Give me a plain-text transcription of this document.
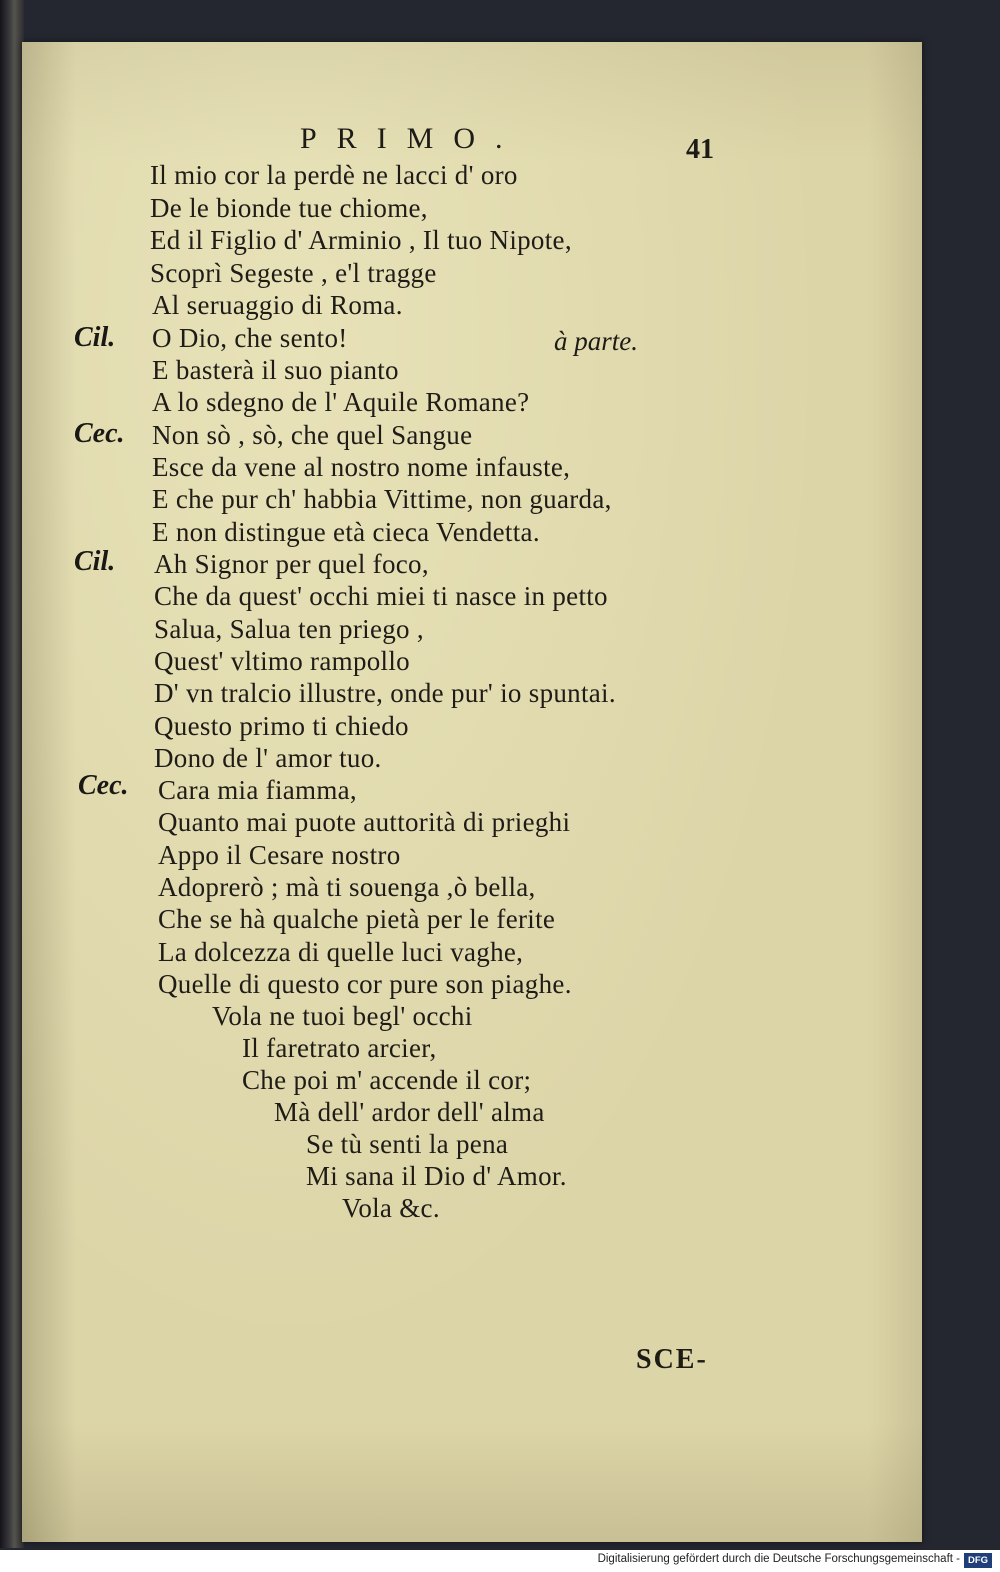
PRIMO.	41
Cil.
Cec.
Cil.
Cec.
à parte.
Il mio cor la perdè ne lacci d' oro
De le bionde tue chiome,
Ed il Figlio d' Arminio , Il tuo Nipote,
Scoprì Segeste , e'l tragge
Al seruaggio di Roma.
O Dio, che sento!
E basterà il suo pianto
A lo sdegno de l' Aquile Romane?
Non sò , sò, che quel Sangue
Esce da vene al nostro nome infauste,
E che pur ch' habbia Vittime, non guarda,
E non distingue età cieca Vendetta.
Ah Signor per quel foco,
Che da quest' occhi miei ti nasce in petto
Salua, Salua ten priego ,
Quest' vltimo rampollo
D' vn tralcio illustre, onde pur' io spuntai.
Questo primo ti chiedo
Dono de l' amor tuo.
Cara mia fiamma,
Quanto mai puote auttorità di prieghi
Appo il Cesare nostro
Adoprerò ; mà ti souenga ,ò bella,
Che se hà qualche pietà per le ferite
La dolcezza di quelle luci vaghe,
Quelle di questo cor pure son piaghe.
Vola ne tuoi begl' occhi
Il faretrato arcier,
Che poi m' accende il cor;
Mà dell' ardor dell' alma
Se tù senti la pena
Mi sana il Dio d' Amor.
Vola &c.
SCE-
Digitalisierung gefördert durch die Deutsche Forschungsgemeinschaft - DFG
